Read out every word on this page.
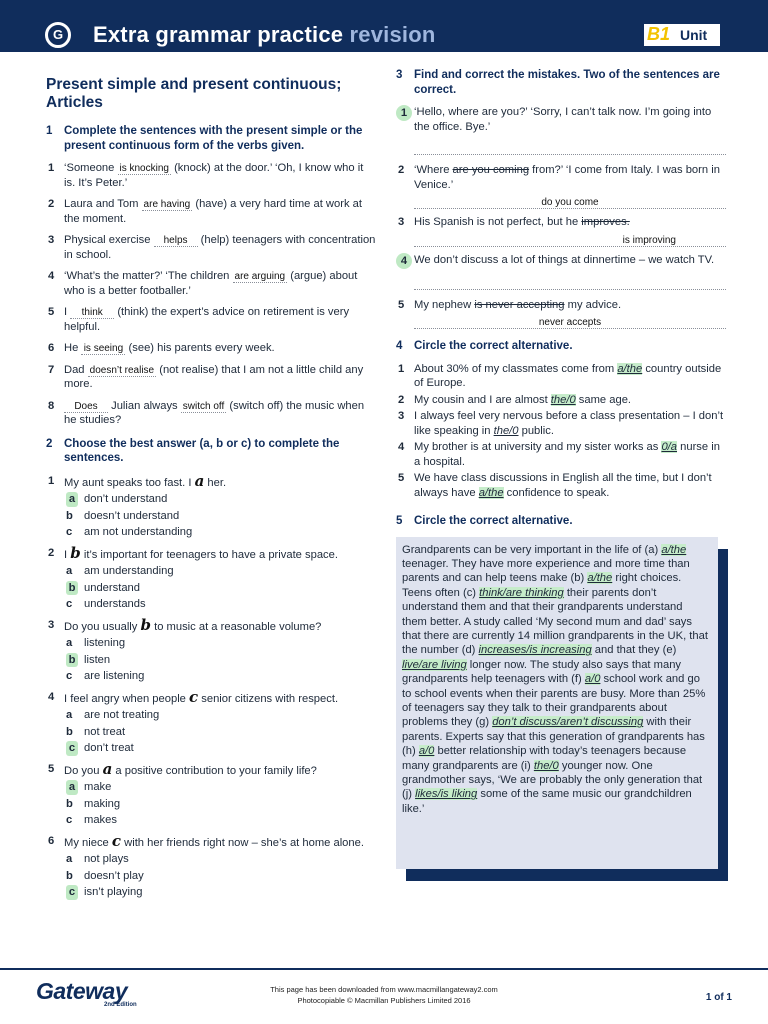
G	Extra grammar practice revision	B1 Unit
Present simple and present continuous; Articles
1	Complete the sentences with the present simple or the present continuous form of the verbs given.
1 ‘Someone is knocking (knock) at the door.’ ‘Oh, I know who it is. It’s Peter.’
2 Laura and Tom are having (have) a very hard time at work at the moment.
3 Physical exercise helps (help) teenagers with concentration in school.
4 ‘What’s the matter?’ ‘The children are arguing (argue) about who is a better footballer.’
5 I think (think) the expert’s advice on retirement is very helpful.
6 He is seeing (see) his parents every week.
7 Dad doesn’t realise (not realise) that I am not a little child any more.
8	Does Julian always switch off (switch off) the music when he studies?
2	Choose the best answer (a, b or c) to complete the sentences.
1 My aunt speaks too fast. I a her.
a don’t understand
b doesn’t understand
c	am not understanding
2 I b it’s important for teenagers to have a private space.
a	am understanding
b understand
c	understands
3 Do you usually b to music at a reasonable volume?
a	listening
b listen
c	are listening
4 I feel angry when people c senior citizens with respect.
a	are not treating
b not treat
c don’t treat
5 Do you a a positive contribution to your family life?
a make
b making
c	makes
6 My niece c with her friends right now – she’s at home alone.
a	not plays
b doesn’t play
c isn’t playing
3	Find and correct the mistakes. Two of the sentences are correct.
1 ‘Hello, where are you?’ ‘Sorry, I can’t talk now. I’m going into the office. Bye.’
2 ‘Where are you coming from?’ ‘I come from Italy. I was born in Venice.’
do you come
3 His Spanish is not perfect, but he improves.
is improving
4 We don’t discuss a lot of things at dinnertime – we watch TV.
5 My nephew is never accepting my advice.
never accepts
4	Circle the correct alternative.
1 About 30% of my classmates come from a/the country outside of Europe.
2 My cousin and I are almost the/0 same age.
3 I always feel very nervous before a class presentation – I don’t like speaking in the/0 public.
4 My brother is at university and my sister works as 0/a nurse in a hospital.
5 We have class discussions in English all the time, but I don’t always have a/the confidence to speak.
5	Circle the correct alternative.
Grandparents can be very important in the life of (a) a/the teenager. They have more experience and more time than parents and can help teens make (b) a/the right choices. Teens often (c) think/are thinking their parents don’t understand them and that their grandparents understand them better. A study called ‘My second mum and dad’ says that there are currently 14 million grandparents in the UK, that the number (d) increases/is increasing and that they (e) live/are living longer now. The study also says that many grandparents help teenagers with (f) a/0 school work and go to school events when their parents are busy. More than 25% of teenagers say they talk to their grandparents about problems they (g) don’t discuss/aren’t discussing with their parents. Experts say that this generation of grandparents has (h) a/0 better relationship with today’s teenagers because many grandparents are (i) the/0 younger now. One grandmother says, ‘We are probably the only generation that (j) likes/is liking some of the same music our grandchildren like.’
Gateway
2nd Edition
This page has been downloaded from www.macmillangateway2.com
Photocopiable © Macmillan Publishers Limited 2016	1 of 1
